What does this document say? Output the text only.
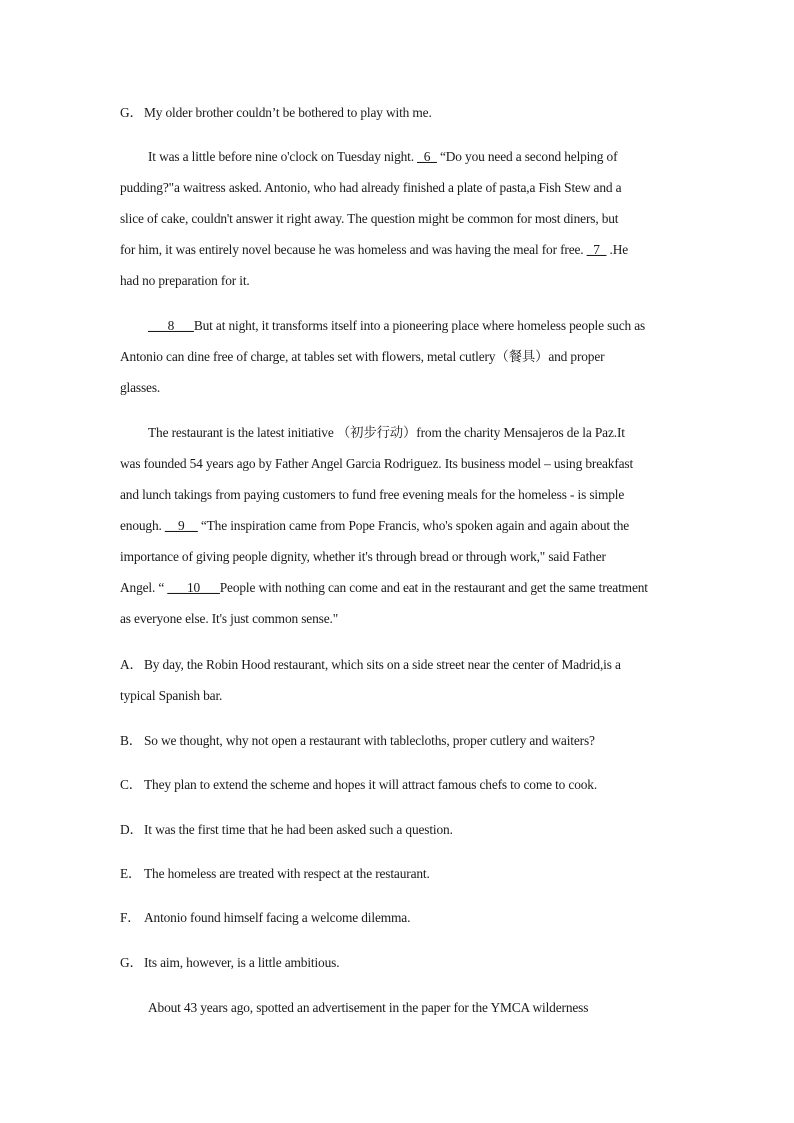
G．My older brother couldn’t be bothered to play with me.
It was a little before nine o'clock on Tuesday night. _6_ “Do you need a second helping of
pudding?"a waitress asked. Antonio, who had already finished a plate of pasta,a Fish Stew and a
slice of cake, couldn't answer it right away. The question might be common for most diners, but
for him, it was entirely novel because he was homeless and was having the meal for free. _7_ .He
had no preparation for it.
___8___But at night, it transforms itself into a pioneering place where homeless people such as
Antonio can dine free of charge, at tables set with flowers, metal cutlery（餐具）and proper
glasses.
The restaurant is the latest initiative （初步行动）from the charity Mensajeros de la Paz.It
was founded 54 years ago by Father Angel Garcia Rodriguez. Its business model – using breakfast
and lunch takings from paying customers to fund free evening meals for the homeless - is simple
enough. __9__ “The inspiration came from Pope Francis, who's spoken again and again about the
importance of giving people dignity, whether it's through bread or through work," said Father
Angel. “ ___10___People with nothing can come and eat in the restaurant and get the same treatment
as everyone else. It's just common sense."
A．By day, the Robin Hood restaurant, which sits on a side street near the center of Madrid,is a
typical Spanish bar.
B． So we thought, why not open a restaurant with tablecloths, proper cutlery and waiters?
C． They plan to extend the scheme and hopes it will attract famous chefs to come to cook.
D．It was the first time that he had been asked such a question.
E． The homeless are treated with respect at the restaurant.
F． Antonio found himself facing a welcome dilemma.
G．Its aim, however, is a little ambitious.
About 43 years ago, spotted an advertisement in the paper for the YMCA wilderness
